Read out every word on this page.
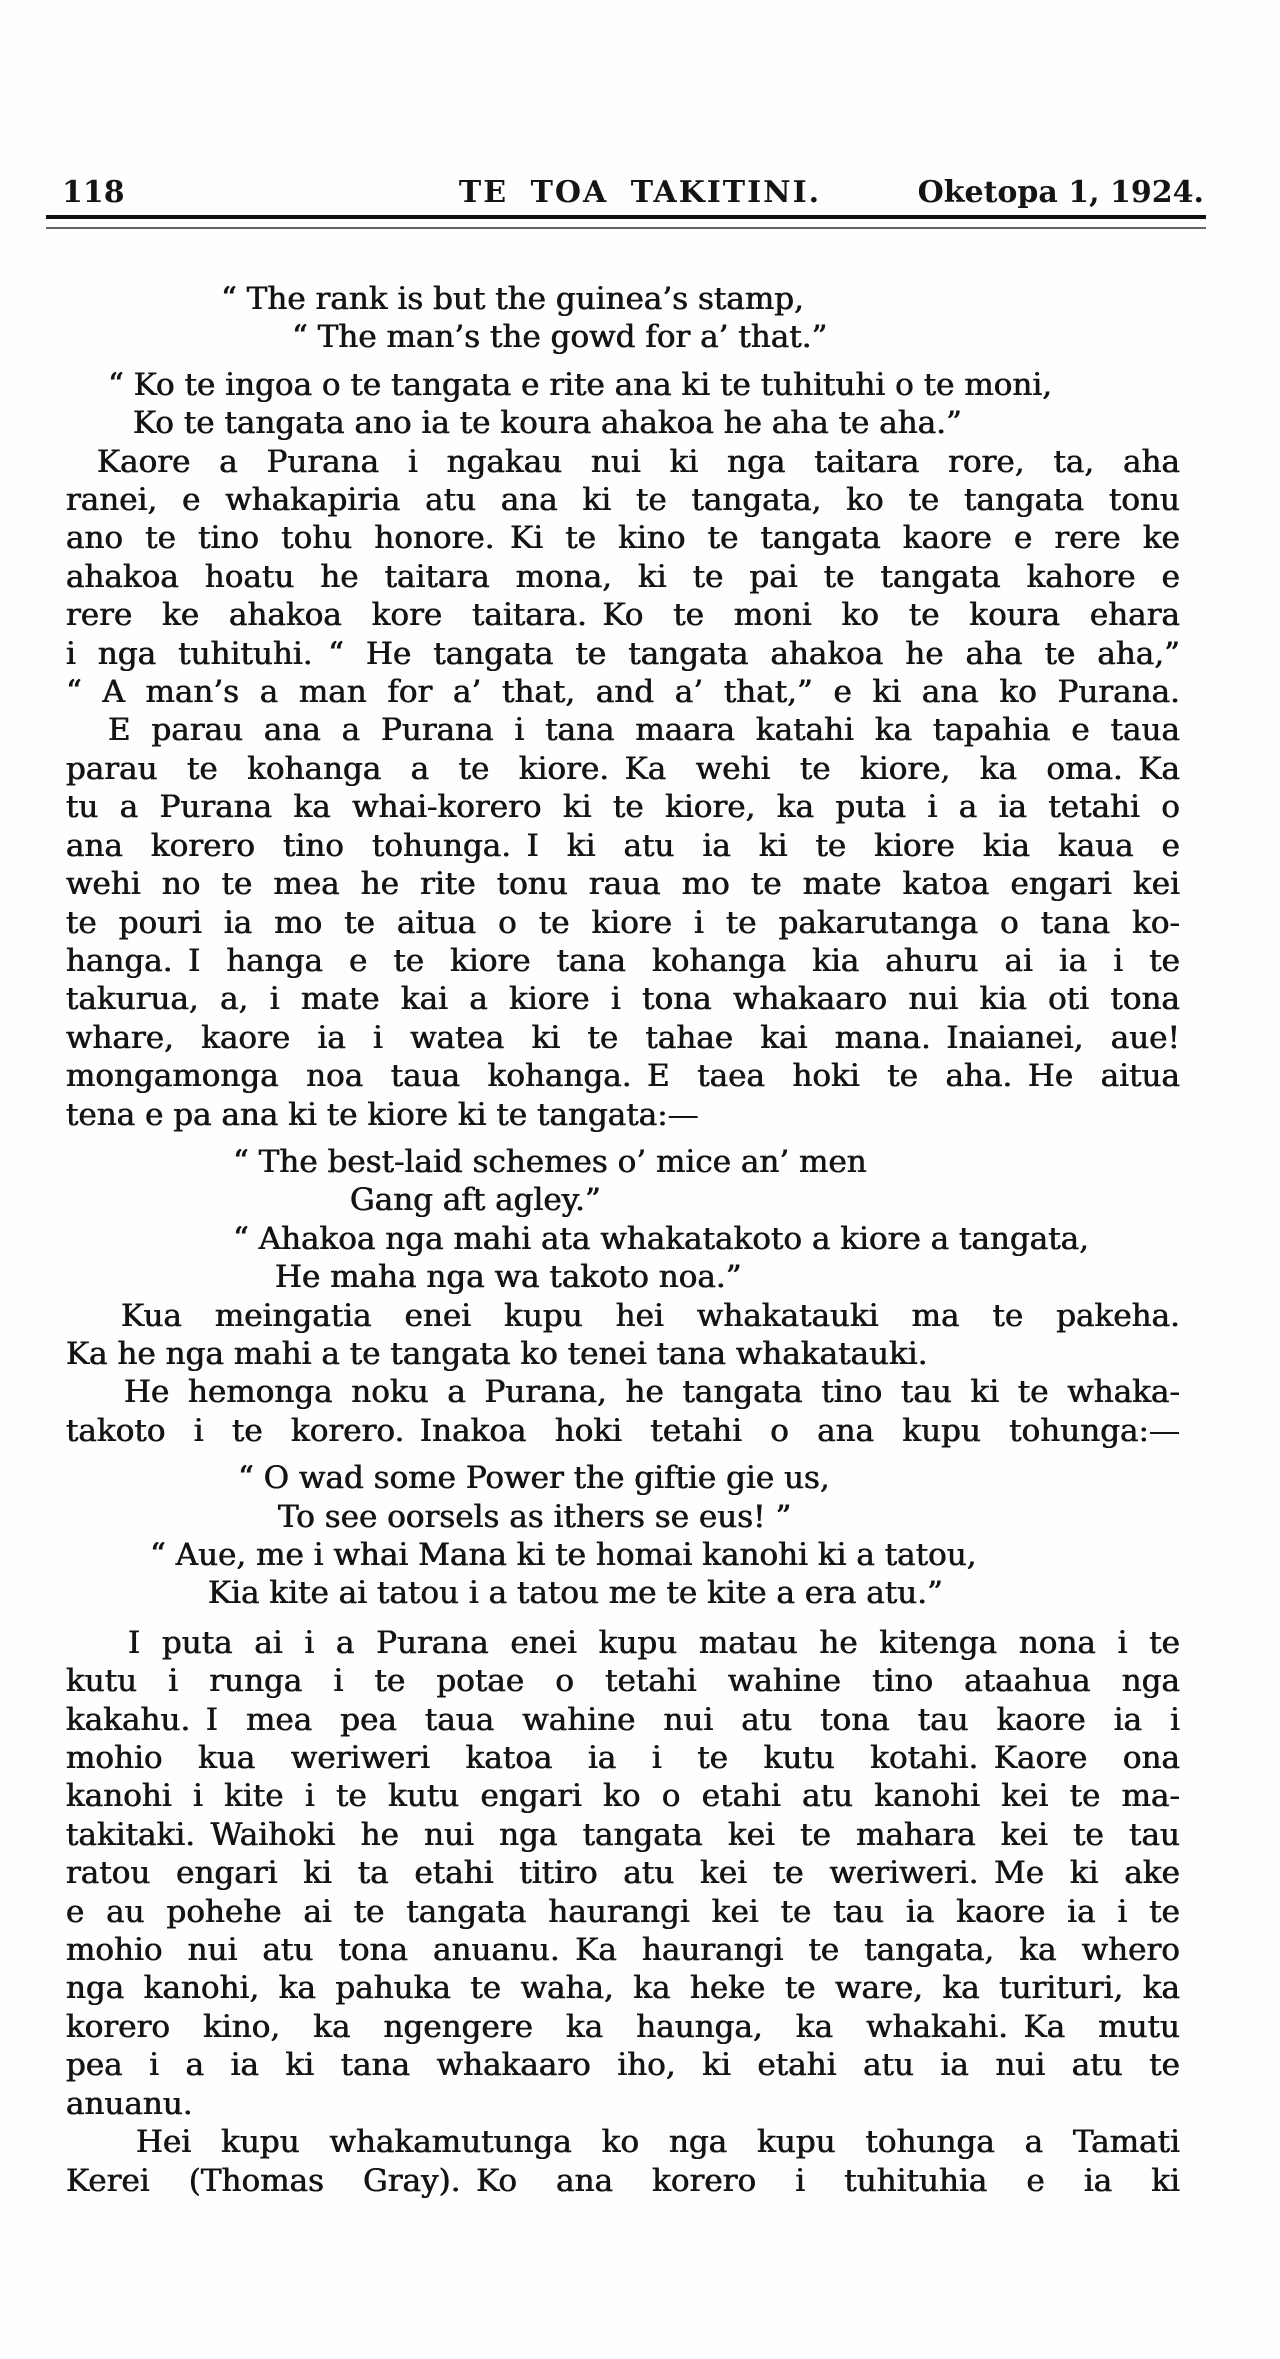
118	TE TOA TAKITINI.	Oketopa 1, 1924.
“ The rank is but the guinea’s stamp,
“ The man’s the gowd for a’ that.”
“ Ko te ingoa o te tangata e rite ana ki te tuhituhi o te moni,
Ko te tangata ano ia te koura ahakoa he aha te aha.”
Kaore a Purana i ngakau nui ki nga taitara rore, ta, aha
ranei, e whakapiria atu ana ki te tangata, ko te tangata tonu
ano te tino tohu honore. Ki te kino te tangata kaore e rere ke
ahakoa hoatu he taitara mona, ki te pai te tangata kahore e
rere ke ahakoa kore taitara. Ko te moni ko te koura ehara
i nga tuhituhi. “ He tangata te tangata ahakoa he aha te aha,”
“ A man’s a man for a’ that, and a’ that,” e ki ana ko Purana.
E parau ana a Purana i tana maara katahi ka tapahia e taua
parau te kohanga a te kiore. Ka wehi te kiore, ka oma. Ka
tu a Purana ka whai-korero ki te kiore, ka puta i a ia tetahi o
ana korero tino tohunga. I ki atu ia ki te kiore kia kaua e
wehi no te mea he rite tonu raua mo te mate katoa engari kei
te pouri ia mo te aitua o te kiore i te pakarutanga o tana ko-
hanga. I hanga e te kiore tana kohanga kia ahuru ai ia i te
takurua, a, i mate kai a kiore i tona whakaaro nui kia oti tona
whare, kaore ia i watea ki te tahae kai mana. Inaianei, aue!
mongamonga noa taua kohanga. E taea hoki te aha. He aitua
tena e pa ana ki te kiore ki te tangata:—
“ The best-laid schemes o’ mice an’ men
Gang aft agley.”
“ Ahakoa nga mahi ata whakatakoto a kiore a tangata,
He maha nga wa takoto noa.”
Kua meingatia enei kupu hei whakatauki ma te pakeha.
Ka he nga mahi a te tangata ko tenei tana whakatauki.
He hemonga noku a Purana, he tangata tino tau ki te whaka-
takoto i te korero. Inakoa hoki tetahi o ana kupu tohunga:—
“ O wad some Power the giftie gie us,
To see oorsels as ithers se eus! ”
“ Aue, me i whai Mana ki te homai kanohi ki a tatou,
Kia kite ai tatou i a tatou me te kite a era atu.”
I puta ai i a Purana enei kupu matau he kitenga nona i te
kutu i runga i te potae o tetahi wahine tino ataahua nga
kakahu. I mea pea taua wahine nui atu tona tau kaore ia i
mohio kua weriweri katoa ia i te kutu kotahi. Kaore ona
kanohi i kite i te kutu engari ko o etahi atu kanohi kei te ma-
takitaki. Waihoki he nui nga tangata kei te mahara kei te tau
ratou engari ki ta etahi titiro atu kei te weriweri. Me ki ake
e au pohehe ai te tangata haurangi kei te tau ia kaore ia i te
mohio nui atu tona anuanu. Ka haurangi te tangata, ka whero
nga kanohi, ka pahuka te waha, ka heke te ware, ka turituri, ka
korero kino, ka ngengere ka haunga, ka whakahi. Ka mutu
pea i a ia ki tana whakaaro iho, ki etahi atu ia nui atu te
anuanu.
Hei kupu whakamutunga ko nga kupu tohunga a Tamati
Kerei (Thomas Gray). Ko ana korero i tuhituhia e ia ki
